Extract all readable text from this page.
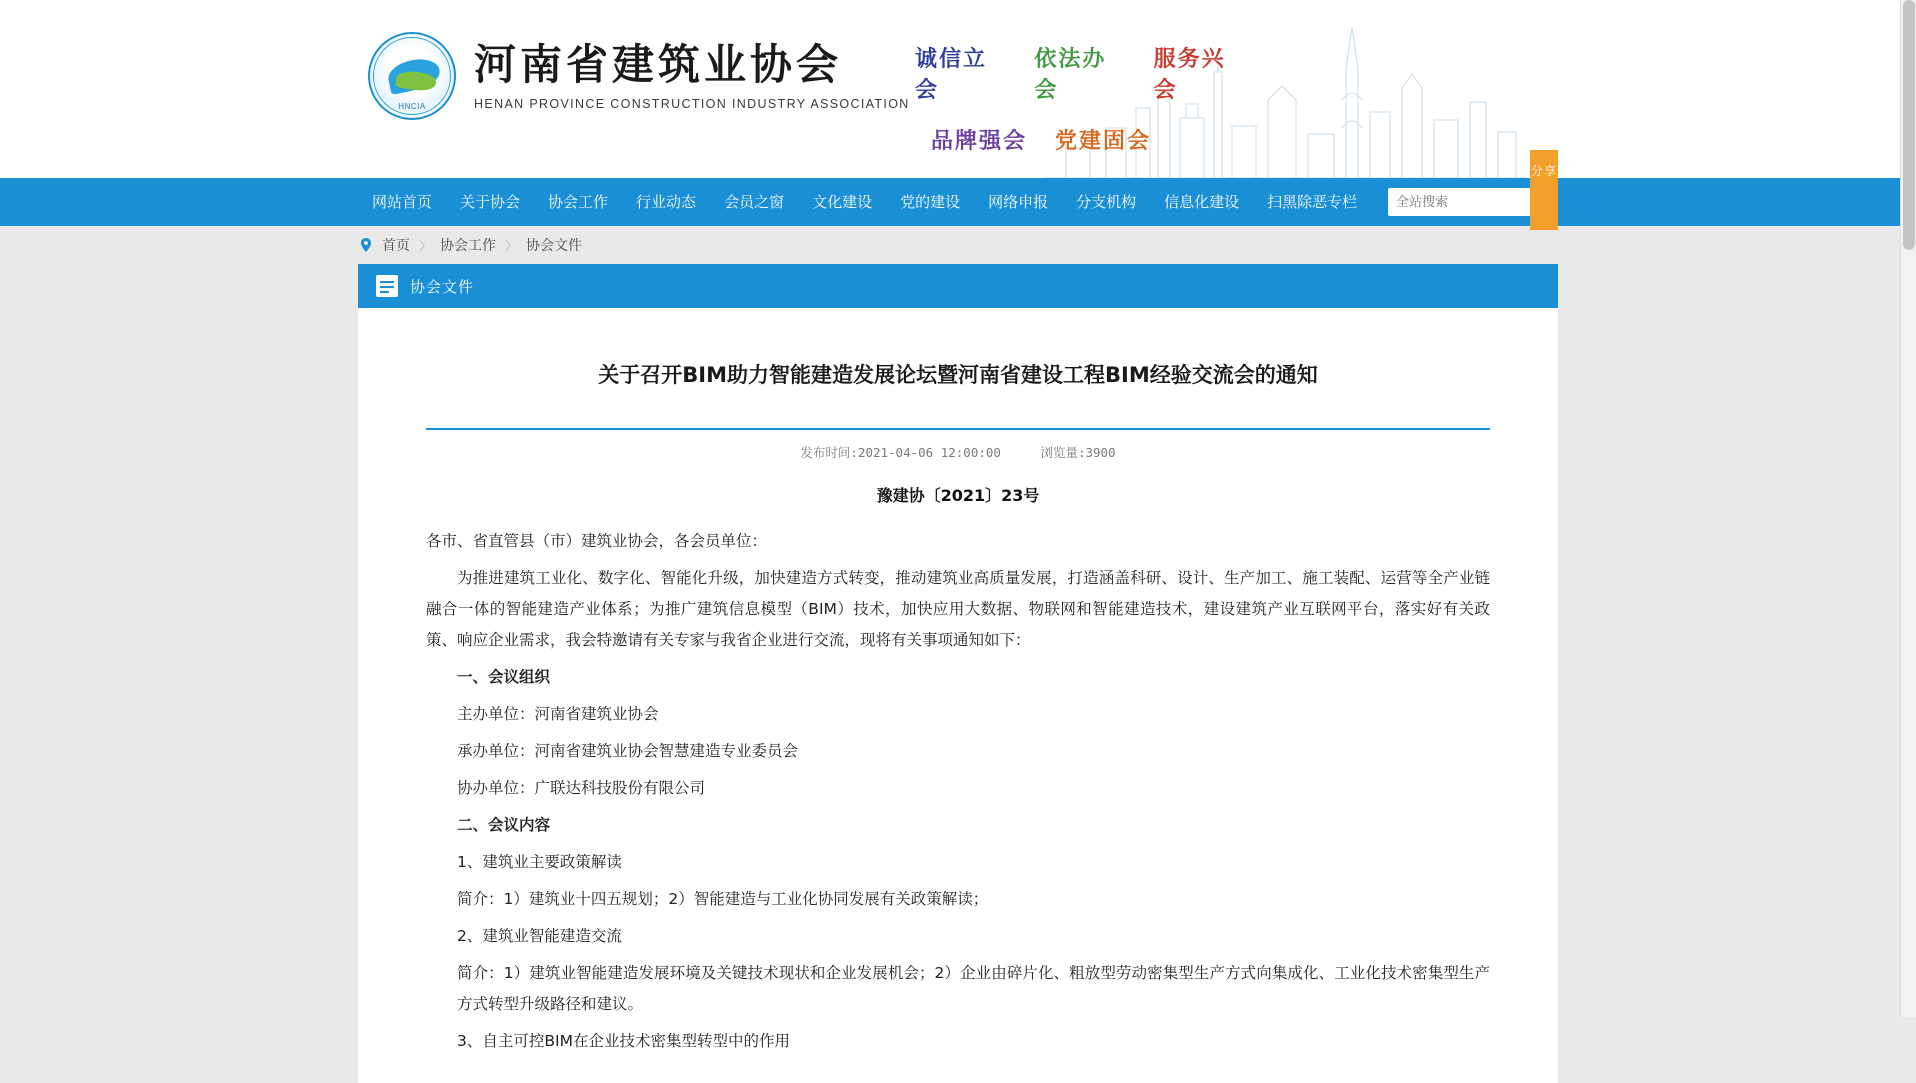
HNCIA
河南省建筑业协会
HENAN PROVINCE CONSTRUCTION INDUSTRY ASSOCIATION
诚信立会
依法办会
服务兴会
品牌强会 党建固会
网站首页	关于协会	协会工作	行业动态	会员之窗	文化建设	党的建设	网络申报	分支机构	信息化建设	扫黑除恶专栏
全站搜索
分享
首页 〉 协会工作 〉 协会文件
协会文件
关于召开BIM助力智能建造发展论坛暨河南省建设工程BIM经验交流会的通知
发布时间:2021-04-06 12:00:00	浏览量:3900
豫建协〔2021〕23号

各市、省直管县（市）建筑业协会，各会员单位：

为推进建筑工业化、数字化、智能化升级，加快建造方式转变，推动建筑业高质量发展，打造涵盖科研、设计、生产加工、施工装配、运营等全产业链融合一体的智能建造产业体系；为推广建筑信息模型（BIM）技术，加快应用大数据、物联网和智能建造技术，建设建筑产业互联网平台，落实好有关政策、响应企业需求，我会特邀请有关专家与我省企业进行交流，现将有关事项通知如下：

一、会议组织

主办单位：河南省建筑业协会

承办单位：河南省建筑业协会智慧建造专业委员会

协办单位：广联达科技股份有限公司

二、会议内容

1、建筑业主要政策解读

简介：1）建筑业十四五规划；2）智能建造与工业化协同发展有关政策解读；

2、建筑业智能建造交流

简介：1）建筑业智能建造发展环境及关键技术现状和企业发展机会；2）企业由碎片化、粗放型劳动密集型生产方式向集成化、工业化技术密集型生产方式转型升级路径和建议。

3、自主可控BIM在企业技术密集型转型中的作用
